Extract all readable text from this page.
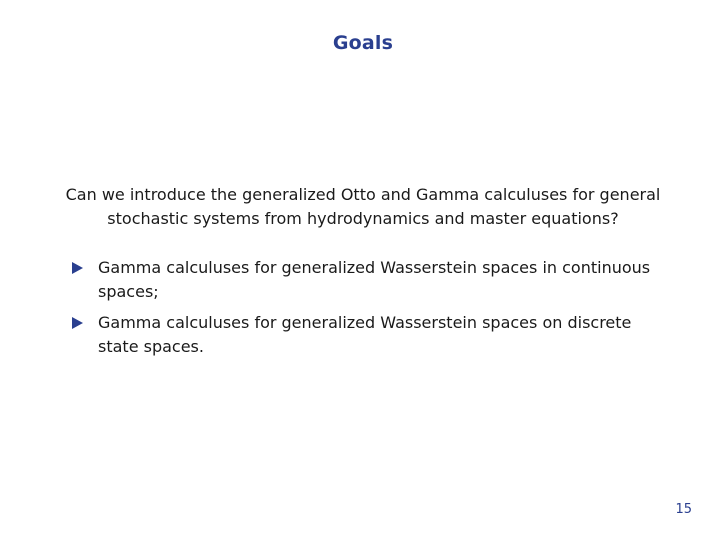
Goals
Can we introduce the generalized Otto and Gamma calculuses for general stochastic systems from hydrodynamics and master equations?
Gamma calculuses for generalized Wasserstein spaces in continuous spaces;
Gamma calculuses for generalized Wasserstein spaces on discrete state spaces.
15
